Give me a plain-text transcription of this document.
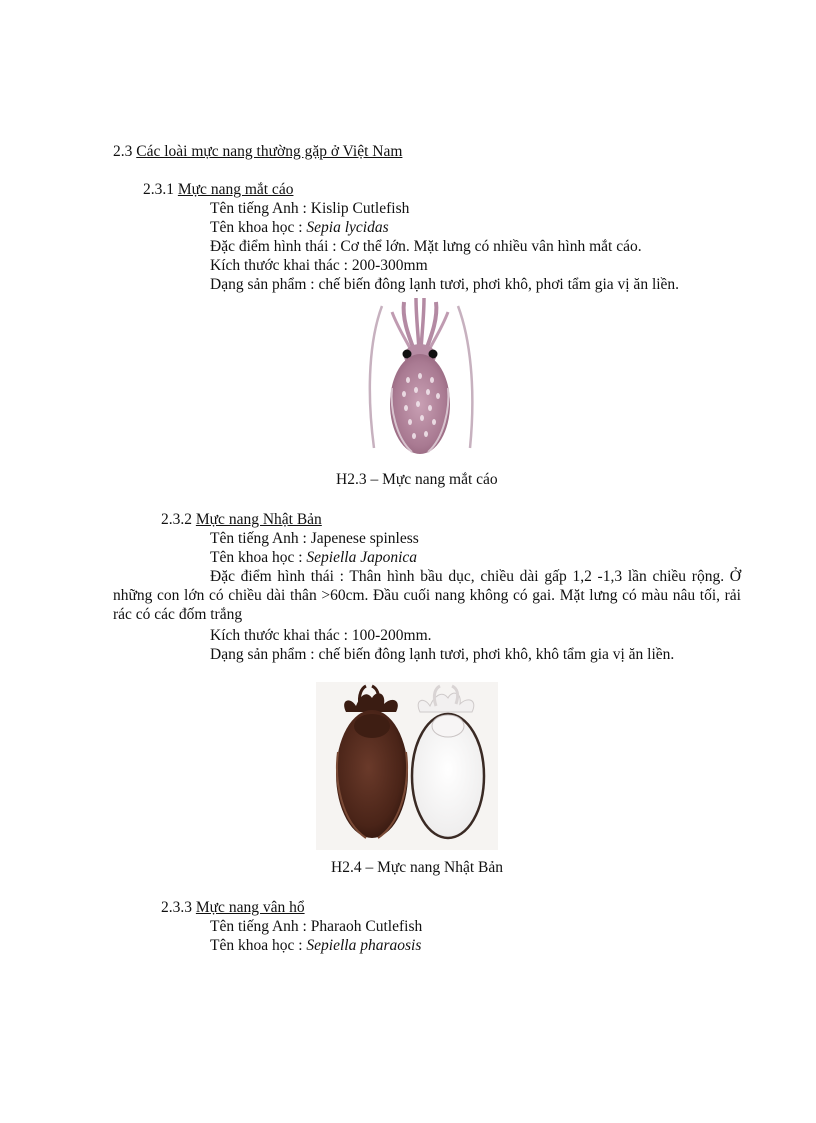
2.3 Các loài mực nang thường gặp ở Việt Nam
2.3.1 Mực nang mắt cáo
Tên tiếng Anh : Kislip Cutlefish
Tên khoa học : Sepia lycidas
Đặc điểm hình thái : Cơ thể lớn. Mặt lưng có nhiều vân hình mắt cáo.
Kích thước khai thác : 200-300mm
Dạng sản phẩm : chế biến đông lạnh tươi, phơi khô, phơi tẩm gia vị ăn liền.
H2.3 – Mực nang mắt cáo
2.3.2 Mực nang Nhật Bản
Tên tiếng Anh : Japenese spinless
Tên khoa học : Sepiella Japonica
Đặc điểm hình thái : Thân hình bầu dục, chiều dài gấp 1,2 -1,3 lần chiều rộng. Ở những con lớn có chiều dài thân >60cm. Đầu cuối nang không có gai. Mặt lưng có màu nâu tối, rải rác có các đốm trắng
Kích thước khai thác : 100-200mm.
Dạng sản phẩm : chế biến đông lạnh tươi, phơi khô, khô tẩm gia vị ăn liền.
H2.4 – Mực nang Nhật Bản
2.3.3 Mực nang vân hổ
Tên tiếng Anh : Pharaoh Cutlefish
Tên khoa học : Sepiella pharaosis
